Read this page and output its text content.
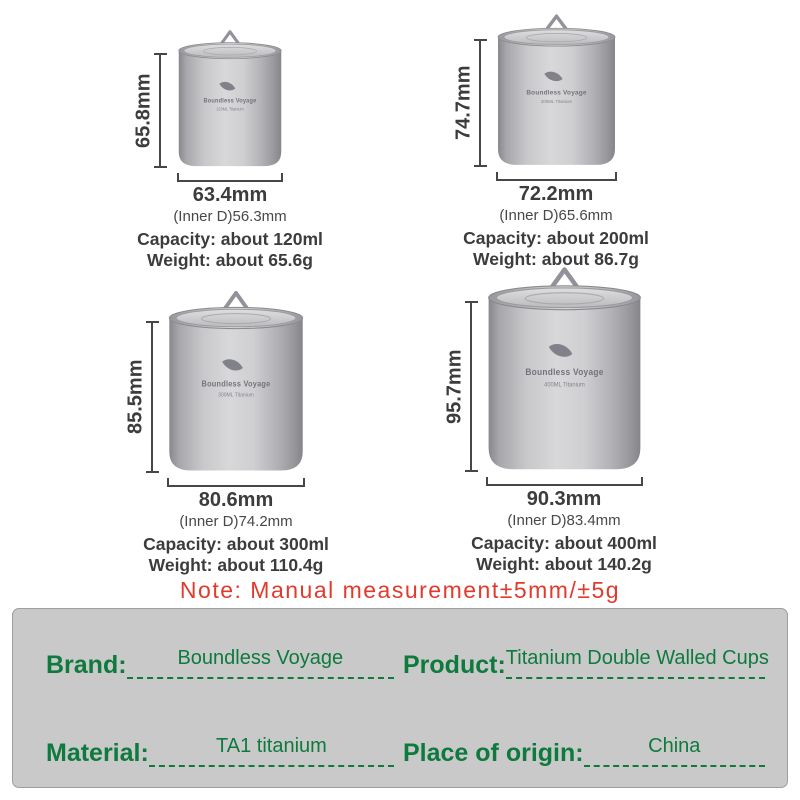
65.8mm	Boundless Voyage
120ML Titanium
63.4mm
(Inner D)56.3mm
Capacity: about 120ml
Weight: about 65.6g
74.7mm	Boundless Voyage
200ML Titanium
72.2mm
(Inner D)65.6mm
Capacity: about 200ml
Weight: about 86.7g
85.5mm	Boundless Voyage
300ML Titanium
80.6mm
(Inner D)74.2mm
Capacity: about 300ml
Weight: about 110.4g
95.7mm	Boundless Voyage
400ML Titanium
90.3mm
(Inner D)83.4mm
Capacity: about 400ml
Weight: about 140.2g
Note: Manual measurement±5mm/±5g
Brand:	Boundless Voyage	Product: Titanium Double Walled Cups
Material:	TA1 titanium	Place of origin:	China
